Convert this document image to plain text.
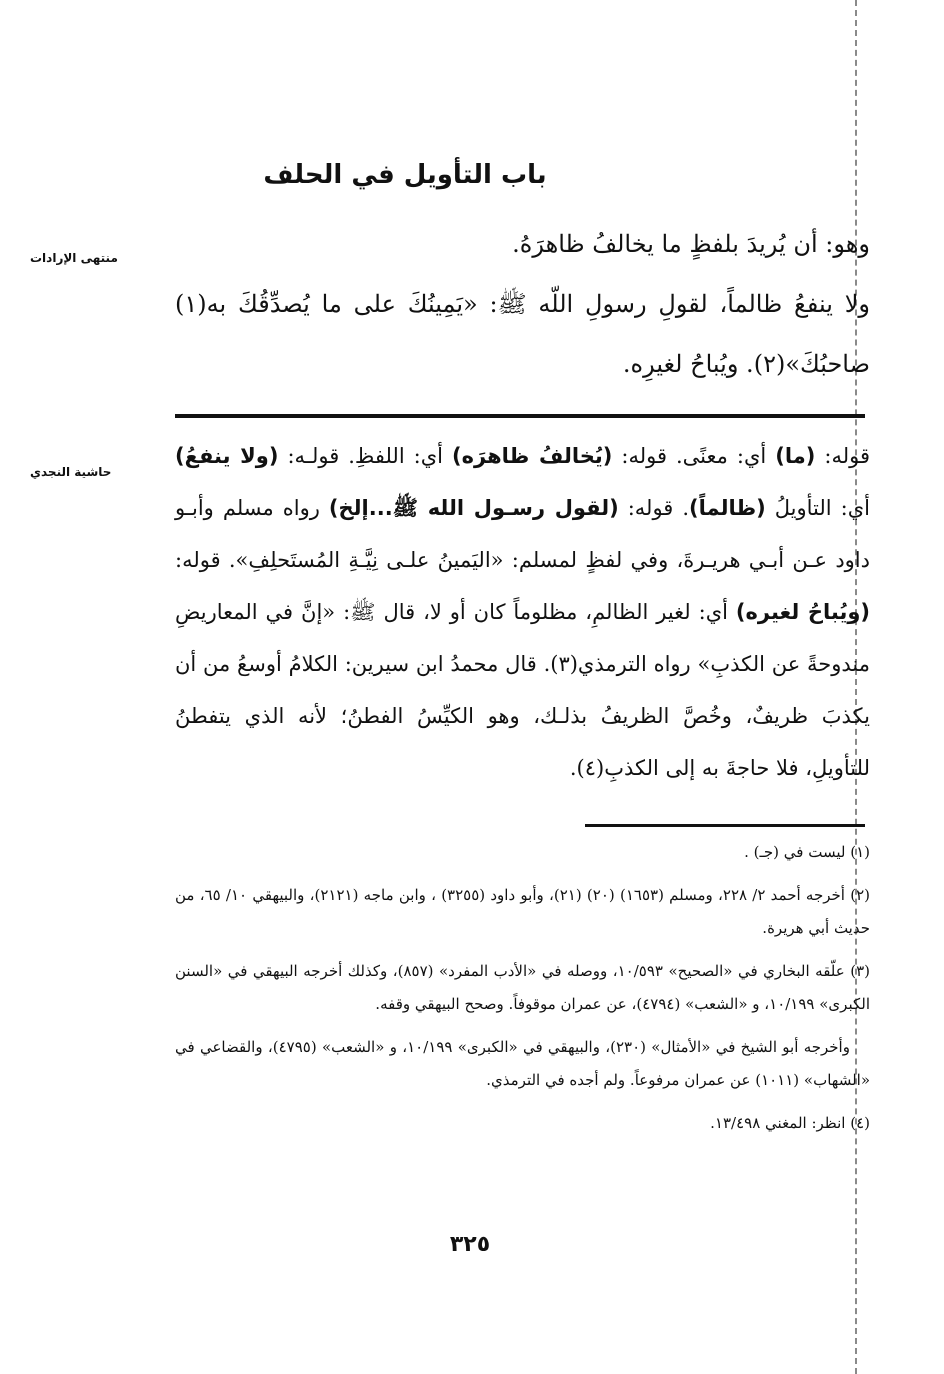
منتهى الإرادات
حاشية النجدي
باب التأويل في الحلف

وهو: أن يُريدَ بلفظٍ ما يخالفُ ظاهرَهُ.

ولا ينفعُ ظالماً، لقولِ رسولِ اللّه ﷺ: «يَمِينُكَ على ما يُصدِّقُكَ به(١) صاحبُكَ»(٢). ويُباحُ لغيرِه.

قوله: (ما) أي: معنًى. قوله: (يُخالفُ ظاهرَه) أي: اللفظِ. قولـه: (ولا ينفعُ) أي: التأويلُ (ظالماً). قوله: (لقول رسـول الله ﷺ...إلخ) رواه مسلم وأبـو داود عـن أبـي هريـرةَ، وفي لفظٍ لمسلم: «اليَمينُ علـى نِيَّـةِ المُستَحلِفِ». قوله: (ويُباحُ لغيره) أي: لغير الظالمِ، مظلوماً كان أو لا، قال ﷺ: «إنَّ في المعاريضِ مندوحةً عن الكذبِ» رواه الترمذي(٣). قال محمدُ ابن سيرين: الكلامُ أوسعُ من أن يكذبَ ظريفٌ، وخُصَّ الظريفُ بذلـك، وهو الكيِّسُ الفطنُ؛ لأنه الذي يتفطنُ للتأويلِ، فلا حاجةَ به إلى الكذبِ(٤).

(١) ليست في (جـ) .

(٢) أخرجه أحمد ٢/ ٢٢٨، ومسلم (١٦٥٣) (٢٠) (٢١)، وأبو داود (٣٢٥٥) ، وابن ماجه (٢١٢١)، والبيهقي ١٠/ ٦٥، من حديث أبي هريرة.

(٣) علّقه البخاري في «الصحيح» ١٠/٥٩٣، ووصله في «الأدب المفرد» (٨٥٧)، وكذلك أخرجه البيهقي في «السنن الكبرى» ١٠/١٩٩، و «الشعب» (٤٧٩٤)، عن عمران موقوفاً. وصحح البيهقي وقفه.

وأخرجه أبو الشيخ في «الأمثال» (٢٣٠)، والبيهقي في «الكبرى» ١٠/١٩٩، و «الشعب» (٤٧٩٥)، والقضاعي في «الشهاب» (١٠١١) عن عمران مرفوعاً. ولم أجده في الترمذي.

(٤) انظر: المغني ١٣/٤٩٨.

٣٢٥
